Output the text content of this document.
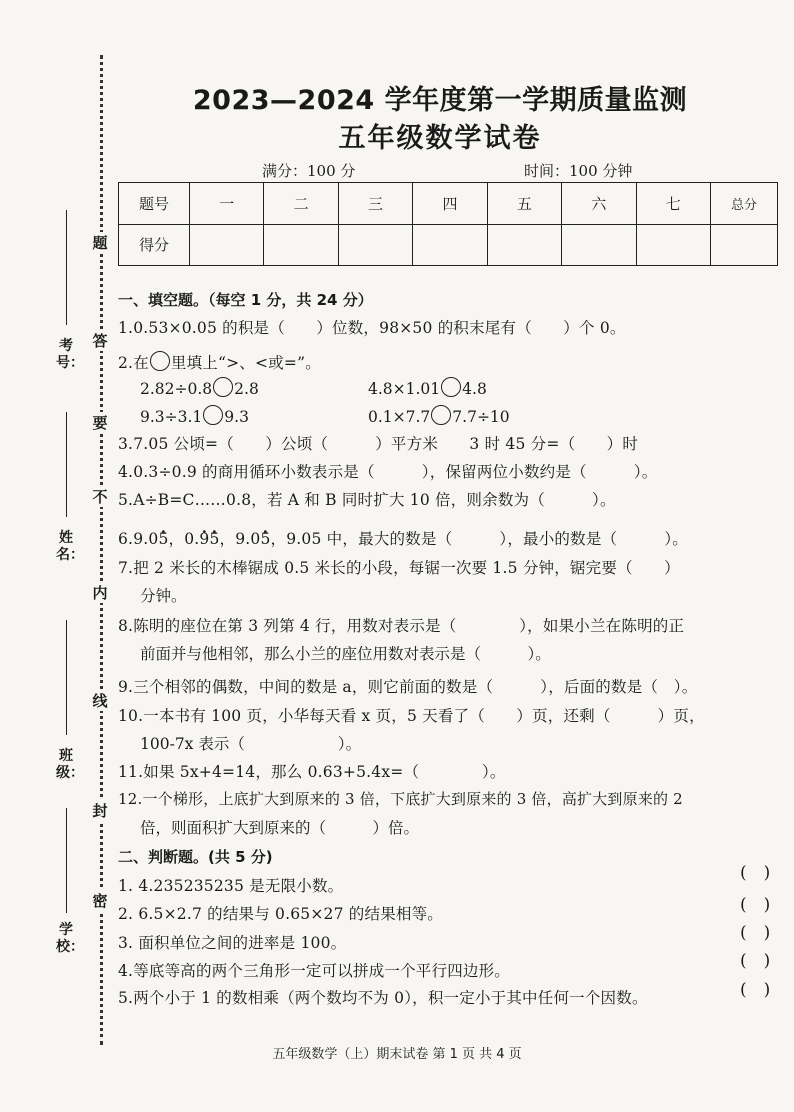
题
答
要
不
内
线
封
密
考号：
姓名：
班级：
学校：
2023—2024 学年度第一学期质量监测
五年级数学试卷
满分：100 分	时间：100 分钟
题号	一	二	三	四	五	六	七	总分
得分								
一、填空题。（每空 1 分，共 24 分）
1.0.53×0.05 的积是（　　）位数，98×50 的积末尾有（　　）个 0。
2.在 里填上“>、<或=”。
2.82÷0.8 2.8	4.8×1.01 4.8
9.3÷3.1 9.3	0.1×7.7 7.7÷10
3.7.05 公顷=（　　）公顷（　　　）平方米　　3 时 45 分=（　　）时
4.0.3÷0.9 的商用循环小数表示是（　　　），保留两位小数约是（　　　）。
5.A÷B=C……0.8，若 A 和 B 同时扩大 10 倍，则余数为（　　　）。
6.9.05 .，0.9 .5 .，9.05 .，9.05 中，最大的数是（　　　），最小的数是（　　　）。
7.把 2 米长的木棒锯成 0.5 米长的小段，每锯一次要 1.5 分钟，锯完要（　　）
分钟。
8.陈明的座位在第 3 列第 4 行，用数对表示是（　　　　），如果小兰在陈明的正
前面并与他相邻，那么小兰的座位用数对表示是（　　　）。
9.三个相邻的偶数，中间的数是 a，则它前面的数是（　　　），后面的数是（　）。
10.一本书有 100 页，小华每天看 x 页，5 天看了（　　）页，还剩（　　　）页，
100-7x 表示（　　　　　　）。
11.如果 5x+4=14，那么 0.63+5.4x=（　　　　）。
12.一个梯形，上底扩大到原来的 3 倍，下底扩大到原来的 3 倍，高扩大到原来的 2
倍，则面积扩大到原来的（　　　）倍。
二、判断题。(共 5 分)
1. 4.235235235 是无限小数。
2. 6.5×2.7 的结果与 0.65×27 的结果相等。
3. 面积单位之间的进率是 100。
4.等底等高的两个三角形一定可以拼成一个平行四边形。
5.两个小于 1 的数相乘（两个数均不为 0），积一定小于其中任何一个因数。
(　)
(　)
(　)
(　)
(　)
五年级数学（上）期末试卷 第 1 页 共 4 页
